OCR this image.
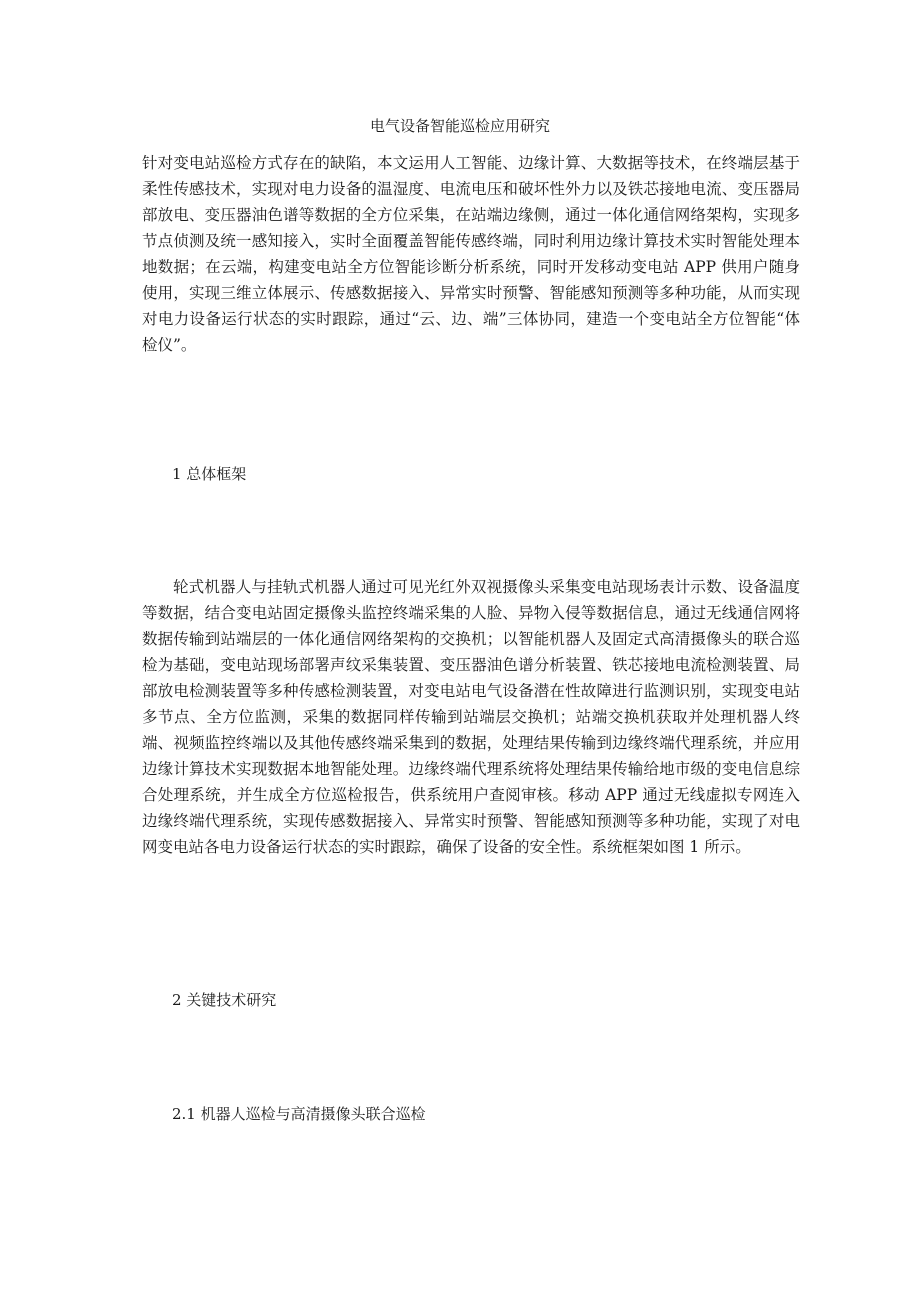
电气设备智能巡检应用研究

针对变电站巡检方式存在的缺陷，本文运用人工智能、边缘计算、大数据等技术，在终端层基于柔性传感技术，实现对电力设备的温湿度、电流电压和破坏性外力以及铁芯接地电流、变压器局部放电、变压器油色谱等数据的全方位采集，在站端边缘侧，通过一体化通信网络架构，实现多节点侦测及统一感知接入，实时全面覆盖智能传感终端，同时利用边缘计算技术实时智能处理本地数据；在云端，构建变电站全方位智能诊断分析系统，同时开发移动变电站 APP 供用户随身使用，实现三维立体展示、传感数据接入、异常实时预警、智能感知预测等多种功能，从而实现对电力设备运行状态的实时跟踪，通过“云、边、端”三体协同，建造一个变电站全方位智能“体检仪”。

1 总体框架

轮式机器人与挂轨式机器人通过可见光红外双视摄像头采集变电站现场表计示数、设备温度等数据，结合变电站固定摄像头监控终端采集的人脸、异物入侵等数据信息，通过无线通信网将数据传输到站端层的一体化通信网络架构的交换机；以智能机器人及固定式高清摄像头的联合巡检为基础，变电站现场部署声纹采集装置、变压器油色谱分析装置、铁芯接地电流检测装置、局部放电检测装置等多种传感检测装置，对变电站电气设备潜在性故障进行监测识别，实现变电站多节点、全方位监测，采集的数据同样传输到站端层交换机；站端交换机获取并处理机器人终端、视频监控终端以及其他传感终端采集到的数据，处理结果传输到边缘终端代理系统，并应用边缘计算技术实现数据本地智能处理。边缘终端代理系统将处理结果传输给地市级的变电信息综合处理系统，并生成全方位巡检报告，供系统用户查阅审核。移动 APP 通过无线虚拟专网连入边缘终端代理系统，实现传感数据接入、异常实时预警、智能感知预测等多种功能，实现了对电网变电站各电力设备运行状态的实时跟踪，确保了设备的安全性。系统框架如图 1 所示。

2 关键技术研究
2.1 机器人巡检与高清摄像头联合巡检
